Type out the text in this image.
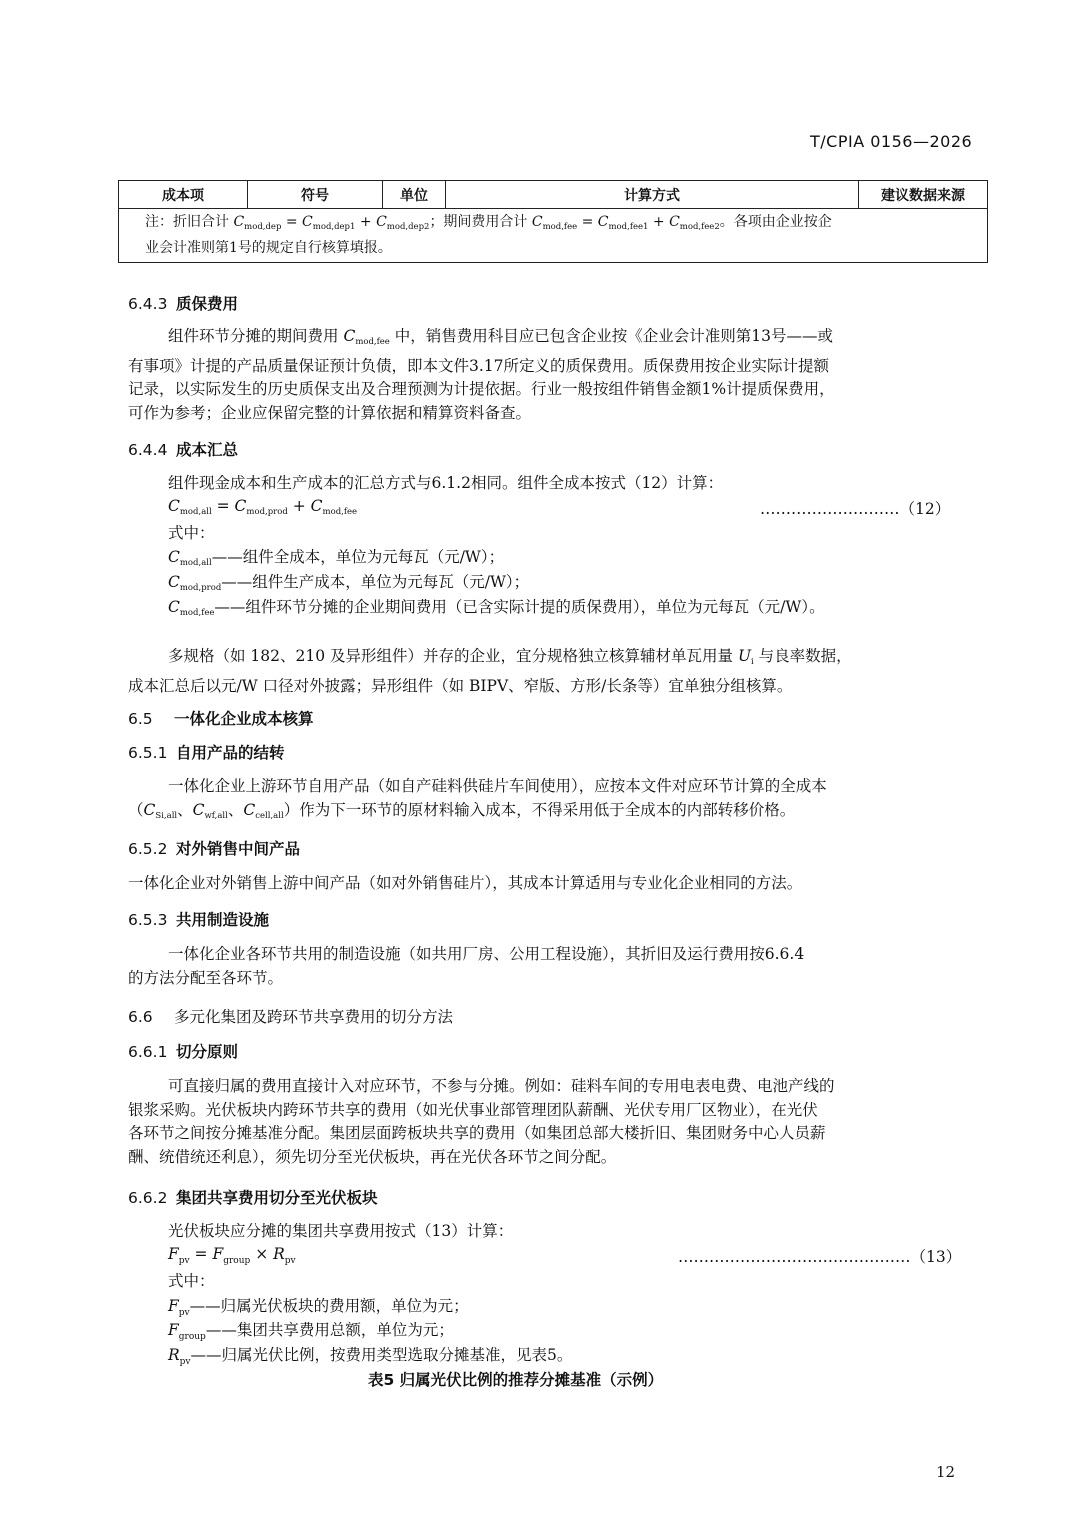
T/CPIA 0156—2026
成本项	符号	单位	计算方式	建议数据来源
注：折旧合计 $C_{mod,dep} = C_{mod,dep1} + C_{mod,dep2}$；期间费用合计 $C_{mod,fee} = C_{mod,fee1} + C_{mod,fee2}$。各项由企业按企
业会计准则第1号的规定自行核算填报。
6.4.3 质保费用
组件环节分摊的期间费用 $C_{mod,fee}$ 中，销售费用科目应已包含企业按《企业会计准则第13号——或
有事项》计提的产品质量保证预计负债，即本文件3.17所定义的质保费用。质保费用按企业实际计提额
记录，以实际发生的历史质保支出及合理预测为计提依据。行业一般按组件销售金额1%计提质保费用，
可作为参考；企业应保留完整的计算依据和精算资料备查。
6.4.4 成本汇总
组件现金成本和生产成本的汇总方式与6.1.2相同。组件全成本按式（12）计算：
$C_{mod,all} = C_{mod,prod} + C_{mod,fee}$	………………………（12）
式中：
$C_{mod,all}——$组件全成本，单位为元每瓦（元/W）；
$C_{mod,prod}——$组件生产成本，单位为元每瓦（元/W）；
$C_{mod,fee}——$组件环节分摊的企业期间费用（已含实际计提的质保费用），单位为元每瓦（元/W）。
多规格（如 182、210 及异形组件）并存的企业，宜分规格独立核算辅材单瓦用量 $U_i$ 与良率数据，
成本汇总后以元/W 口径对外披露；异形组件（如 BIPV、窄版、方形/长条等）宜单独分组核算。
6.5 一体化企业成本核算
6.5.1 自用产品的结转
一体化企业上游环节自用产品（如自产硅料供硅片车间使用），应按本文件对应环节计算的全成本
（$C_{Si,all}$、$C_{wf,all}$、$C_{cell,all}$）作为下一环节的原材料输入成本，不得采用低于全成本的内部转移价格。
6.5.2 对外销售中间产品
一体化企业对外销售上游中间产品（如对外销售硅片），其成本计算适用与专业化企业相同的方法。
6.5.3 共用制造设施
一体化企业各环节共用的制造设施（如共用厂房、公用工程设施），其折旧及运行费用按6.6.4
的方法分配至各环节。
6.6 多元化集团及跨环节共享费用的切分方法
6.6.1 切分原则
可直接归属的费用直接计入对应环节，不参与分摊。例如：硅料车间的专用电表电费、电池产线的
银浆采购。光伏板块内跨环节共享的费用（如光伏事业部管理团队薪酬、光伏专用厂区物业），在光伏
各环节之间按分摊基准分配。集团层面跨板块共享的费用（如集团总部大楼折旧、集团财务中心人员薪
酬、统借统还利息），须先切分至光伏板块，再在光伏各环节之间分配。
6.6.2 集团共享费用切分至光伏板块
光伏板块应分摊的集团共享费用按式（13）计算：
$F_{pv} = F_{group} \times R_{pv}$	………………………………………（13）
式中：
$F_{pv}——$归属光伏板块的费用额，单位为元；
$F_{group}——$集团共享费用总额，单位为元；
$R_{pv}——$归属光伏比例，按费用类型选取分摊基准，见表5。
表5 归属光伏比例的推荐分摊基准（示例）
12
